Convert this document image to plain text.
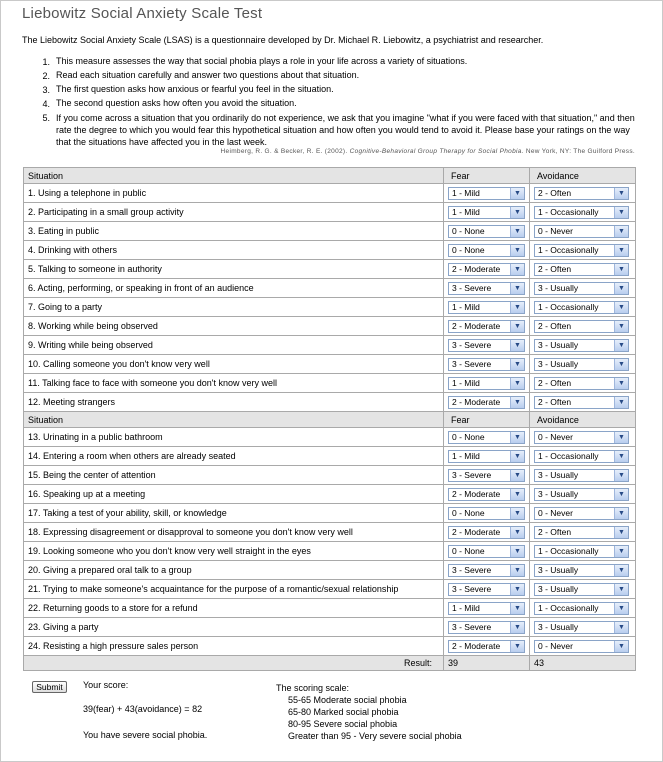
Liebowitz Social Anxiety Scale Test
The Liebowitz Social Anxiety Scale (LSAS) is a questionnaire developed by Dr. Michael R. Liebowitz, a psychiatrist and researcher.
1. This measure assesses the way that social phobia plays a role in your life across a variety of situations.
2. Read each situation carefully and answer two questions about that situation.
3. The first question asks how anxious or fearful you feel in the situation.
4. The second question asks how often you avoid the situation.
5. If you come across a situation that you ordinarily do not experience, we ask that you imagine "what if you were faced with that situation," and then rate the degree to which you would fear this hypothetical situation and how often you would tend to avoid it. Please base your ratings on the way that the situations have affected you in the last week.
Heimberg, R. G. & Becker, R. E. (2002). Cognitive-Behavioral Group Therapy for Social Phobia. New York, NY: The Guilford Press.
Situation	Fear	Avoidance
1. Using a telephone in public	1 - Mild ▼	2 - Often ▼

2. Participating in a small group activity	1 - Mild ▼	1 - Occasionally ▼

3. Eating in public	0 - None ▼	0 - Never ▼

4. Drinking with others	0 - None ▼	1 - Occasionally ▼

5. Talking to someone in authority	2 - Moderate ▼	2 - Often ▼

6. Acting, performing, or speaking in front of an audience	3 - Severe ▼	3 - Usually ▼

7. Going to a party	1 - Mild ▼	1 - Occasionally ▼

8. Working while being observed	2 - Moderate ▼	2 - Often ▼

9. Writing while being observed	3 - Severe ▼	3 - Usually ▼

10. Calling someone you don't know very well	3 - Severe ▼	3 - Usually ▼

11. Talking face to face with someone you don't know very well	1 - Mild ▼	2 - Often ▼

12. Meeting strangers	2 - Moderate ▼	2 - Often ▼

Situation	Fear	Avoidance
13. Urinating in a public bathroom	0 - None ▼	0 - Never ▼

14. Entering a room when others are already seated	1 - Mild ▼	1 - Occasionally ▼

15. Being the center of attention	3 - Severe ▼	3 - Usually ▼

16. Speaking up at a meeting	2 - Moderate ▼	3 - Usually ▼

17. Taking a test of your ability, skill, or knowledge	0 - None ▼	0 - Never ▼

18. Expressing disagreement or disapproval to someone you don't know very well	2 - Moderate ▼	2 - Often ▼

19. Looking someone who you don't know very well straight in the eyes	0 - None ▼	1 - Occasionally ▼

20. Giving a prepared oral talk to a group	3 - Severe ▼	3 - Usually ▼

21. Trying to make someone's acquaintance for the purpose of a romantic/sexual relationship	3 - Severe ▼	3 - Usually ▼

22. Returning goods to a store for a refund	1 - Mild ▼	1 - Occasionally ▼

23. Giving a party	3 - Severe ▼	3 - Usually ▼

24. Resisting a high pressure sales person	2 - Moderate ▼	0 - Never ▼

Result:	39	43
Submit	Your score:
39(fear) + 43(avoidance) = 82
You have severe social phobia.
The scoring scale:
55-65 Moderate social phobia
65-80 Marked social phobia
80-95 Severe social phobia
Greater than 95 - Very severe social phobia
